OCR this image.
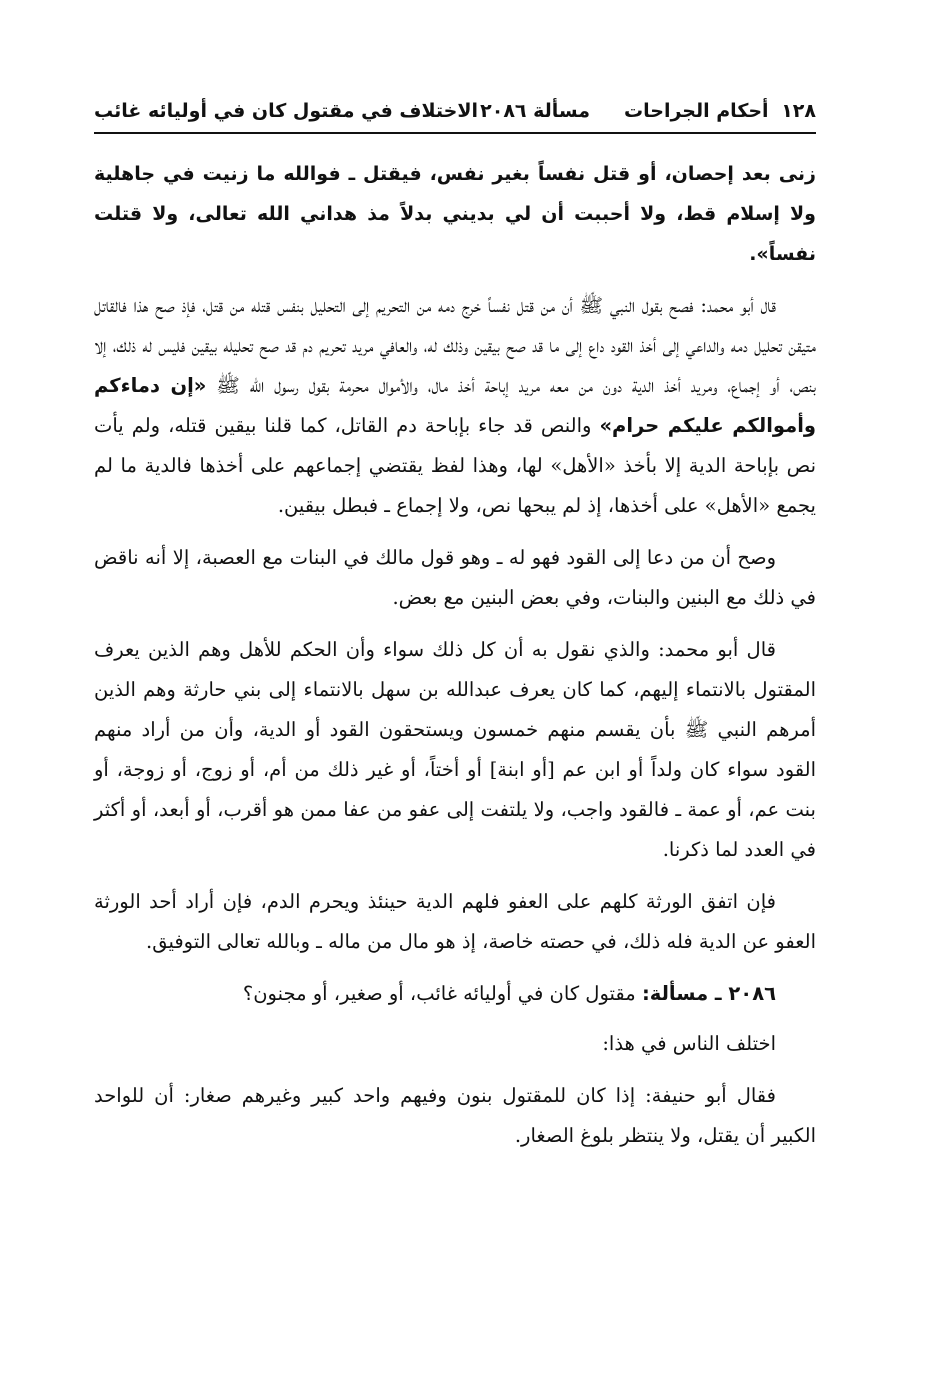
١٢٨ أحكام الجراحات
مسألة ٢٠٨٦
الاختلاف في مقتول كان في أوليائه غائب

زنى بعد إحصان، أو قتل نفساً بغير نفس، فيقتل ـ فوالله ما زنيت في جاهلية ولا إسلام قط، ولا أحببت أن لي بديني بدلاً مذ هداني الله تعالى، ولا قتلت نفساً».

قال أبو محمد: فصح بقول النبي ﷺ أن من قتل نفساً خرج دمه من التحريم إلى التحليل بنفس قتله من قتل، فإذ صح هذا فالقاتل متيقن تحليل دمه والداعي إلى أخذ القود داع إلى ما قد صح بيقين وذلك له، والعافي مريد تحريم دم قد صح تحليله بيقين فليس له ذلك، إلا بنص، أو إجماع، ومريد أخذ الدية دون من معه مريد إباحة أخذ مال، والأموال محرمة بقول رسول الله ﷺ «إن دماءكم وأموالكم عليكم حرام» والنص قد جاء بإباحة دم القاتل، كما قلنا بيقين قتله، ولم يأت نص بإباحة الدية إلا بأخذ «الأهل» لها، وهذا لفظ يقتضي إجماعهم على أخذها فالدية ما لم يجمع «الأهل» على أخذها، إذ لم يبحها نص، ولا إجماع ـ فبطل بيقين.

وصح أن من دعا إلى القود فهو له ـ وهو قول مالك في البنات مع العصبة، إلا أنه ناقض في ذلك مع البنين والبنات، وفي بعض البنين مع بعض.

قال أبو محمد: والذي نقول به أن كل ذلك سواء وأن الحكم للأهل وهم الذين يعرف المقتول بالانتماء إليهم، كما كان يعرف عبدالله بن سهل بالانتماء إلى بني حارثة وهم الذين أمرهم النبي ﷺ بأن يقسم منهم خمسون ويستحقون القود أو الدية، وأن من أراد منهم القود سواء كان ولداً أو ابن عم [أو ابنة] أو أختاً، أو غير ذلك من أم، أو زوج، أو زوجة، أو بنت عم، أو عمة ـ فالقود واجب، ولا يلتفت إلى عفو من عفا ممن هو أقرب، أو أبعد، أو أكثر في العدد لما ذكرنا.

فإن اتفق الورثة كلهم على العفو فلهم الدية حينئذ ويحرم الدم، فإن أراد أحد الورثة العفو عن الدية فله ذلك، في حصته خاصة، إذ هو مال من ماله ـ وبالله تعالى التوفيق.

٢٠٨٦ ـ مسألة: مقتول كان في أوليائه غائب، أو صغير، أو مجنون؟

اختلف الناس في هذا:

فقال أبو حنيفة: إذا كان للمقتول بنون وفيهم واحد كبير وغيرهم صغار: أن للواحد الكبير أن يقتل، ولا ينتظر بلوغ الصغار.
